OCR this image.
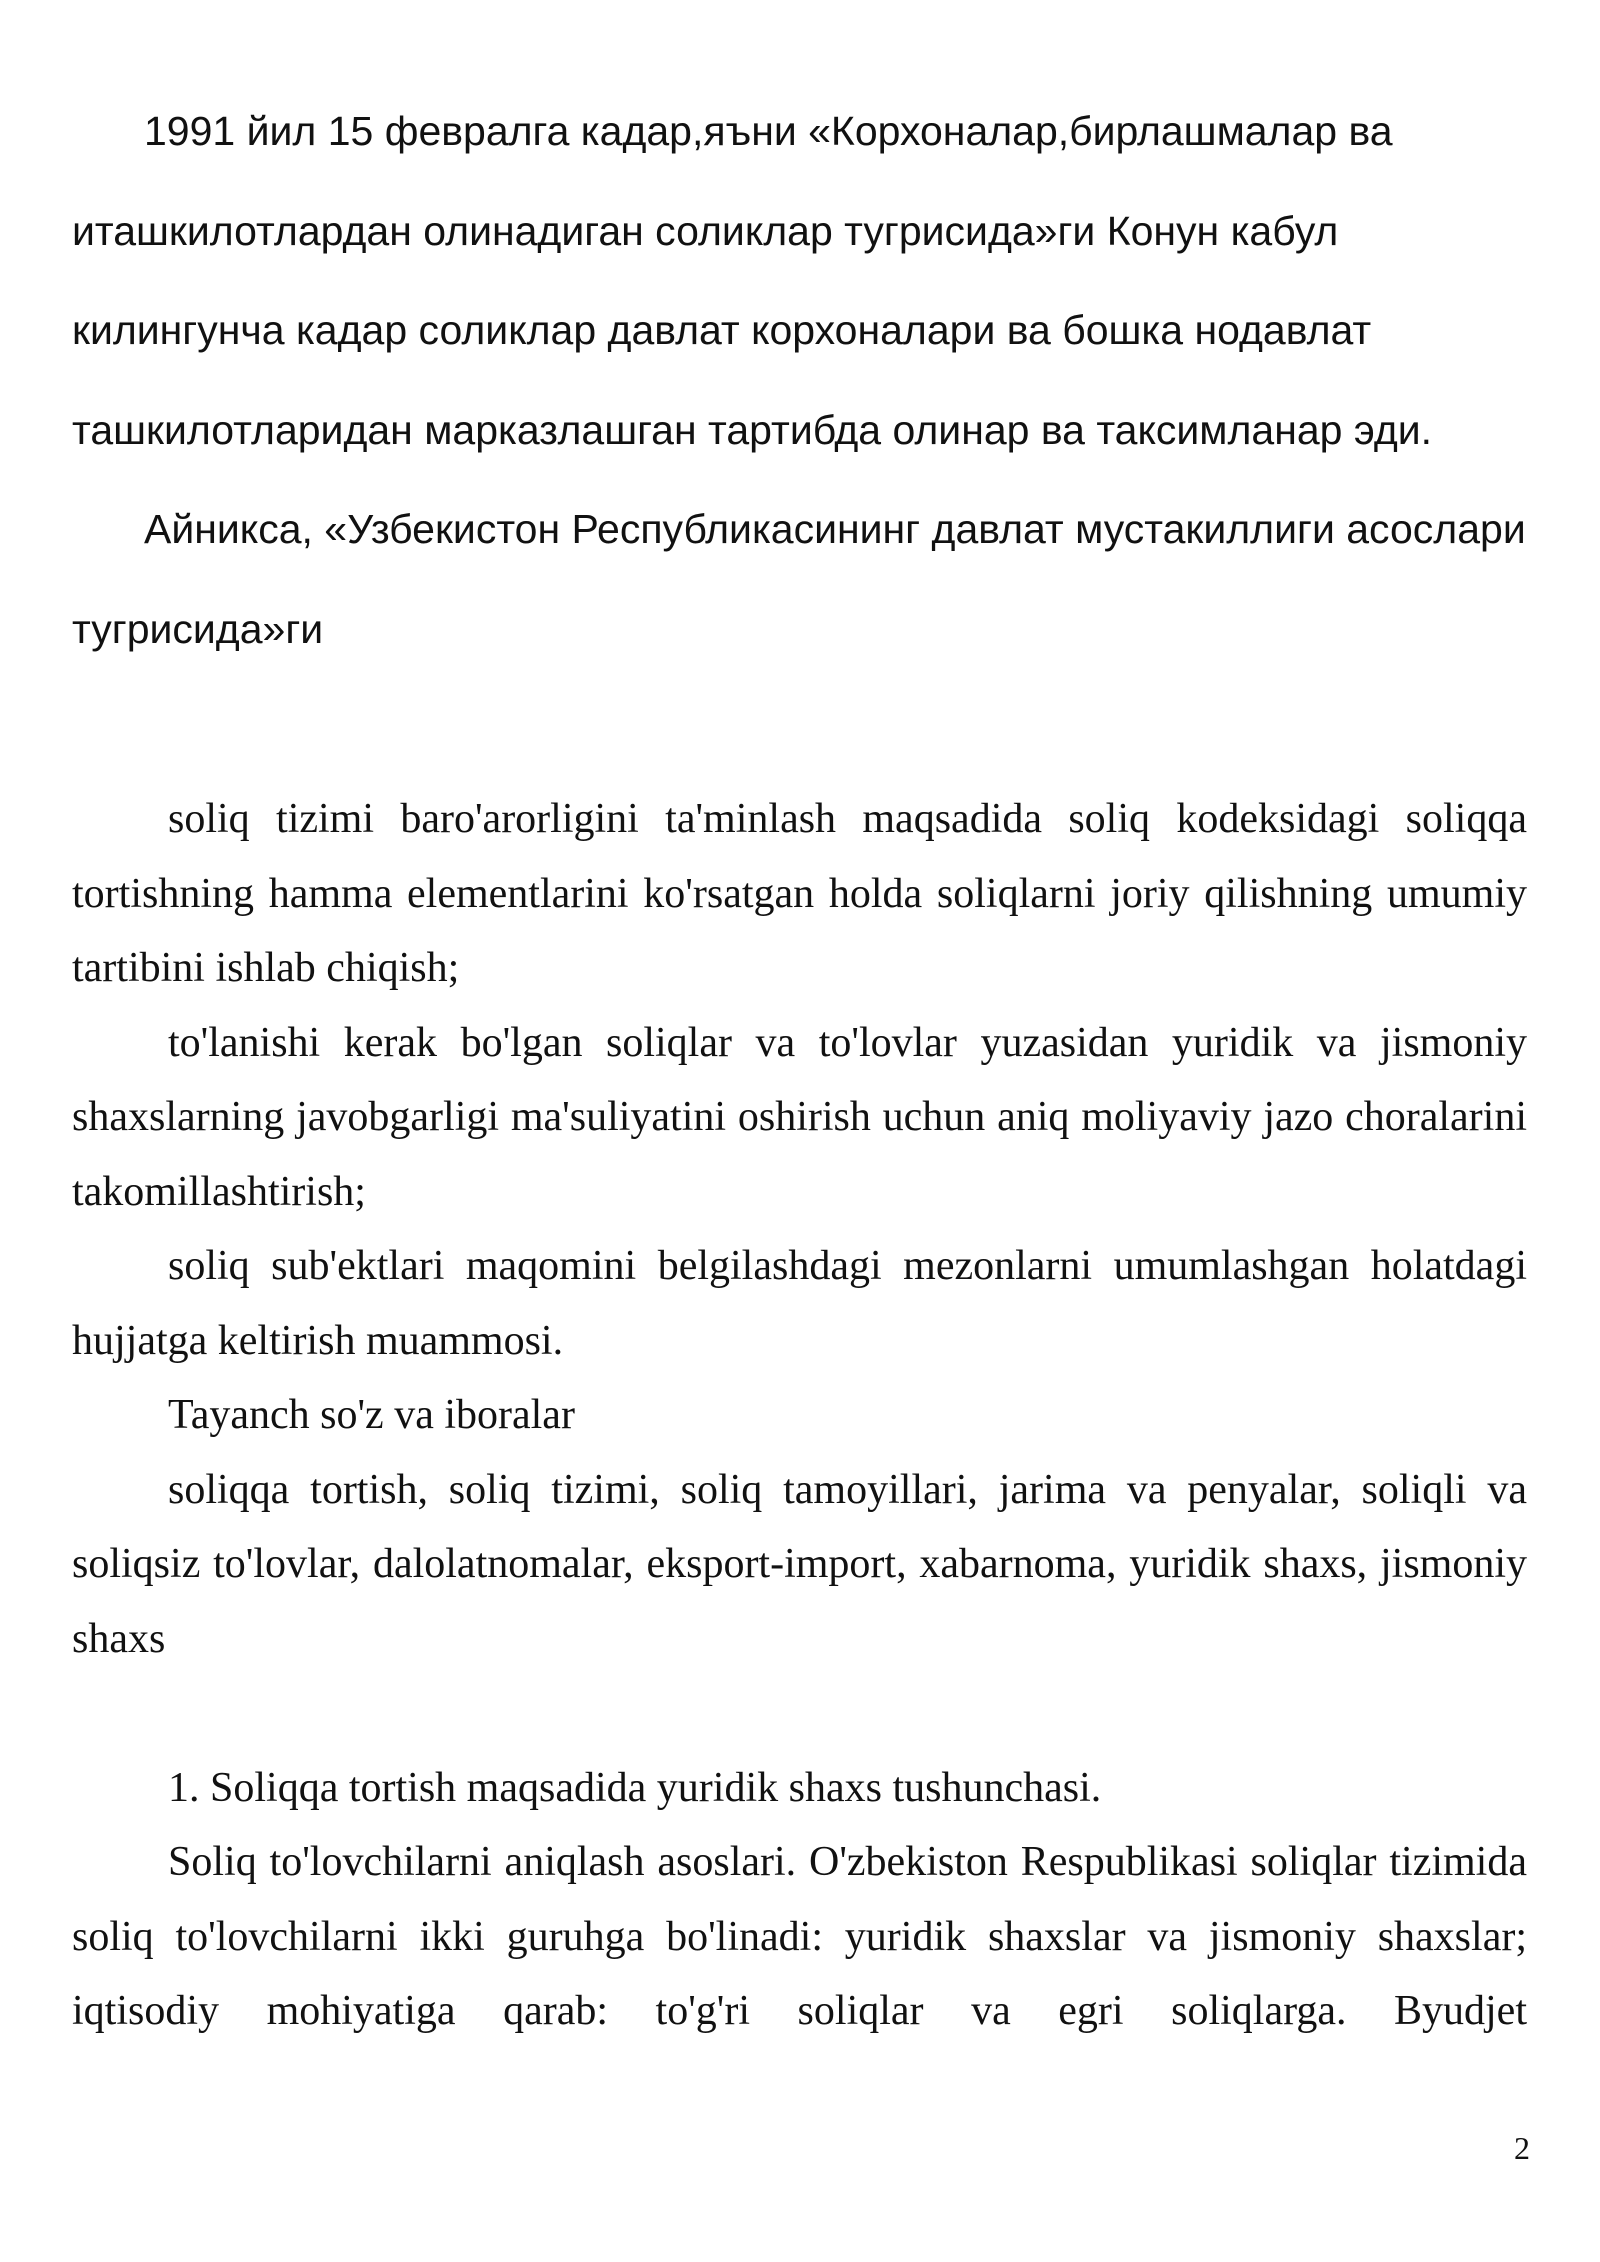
1991 йил 15 февралга кадар,яъни «Корхоналар,бирлашмалар ва иташкилотлардан олинадиган соликлар тугрисида»ги Конун кабул килингунча кадар соликлар давлат корхоналари ва бошка нодавлат ташкилотларидан марказлашган тартибда олинар ва таксимланар эди.

Айникса, «Узбекистон Республикасининг давлат мустакиллиги асослари тугрисида»ги

soliq tizimi baro'arorligini ta'minlash maqsadida soliq kodeksidagi soliqqa tortishning hamma elementlarini ko'rsatgan holda soliqlarni joriy qilishning umumiy tartibini ishlab chiqish;

to'lanishi kerak bo'lgan soliqlar va to'lovlar yuzasidan yuridik va jismoniy shaxslarning javobgarligi ma'suliyatini oshirish uchun aniq moliyaviy jazo choralarini takomillashtirish;

soliq sub'ektlari maqomini belgilashdagi mezonlarni umumlashgan holatdagi hujjatga keltirish muammosi.

Tayanch so'z va iboralar

soliqqa tortish, soliq tizimi, soliq tamoyillari, jarima va penyalar, soliqli va soliqsiz to'lovlar, dalolatnomalar, eksport-import, xabarnoma, yuridik shaxs, jismoniy shaxs

1. Soliqqa tortish maqsadida yuridik shaxs tushunchasi.

Soliq to'lovchilarni aniqlash asoslari. O'zbekiston Respublikasi soliqlar tizimida soliq to'lovchilarni ikki guruhga bo'linadi: yuridik shaxslar va jismoniy shaxslar; iqtisodiy mohiyatiga qarab: to'g'ri soliqlar va egri soliqlarga. Byudjet

2
